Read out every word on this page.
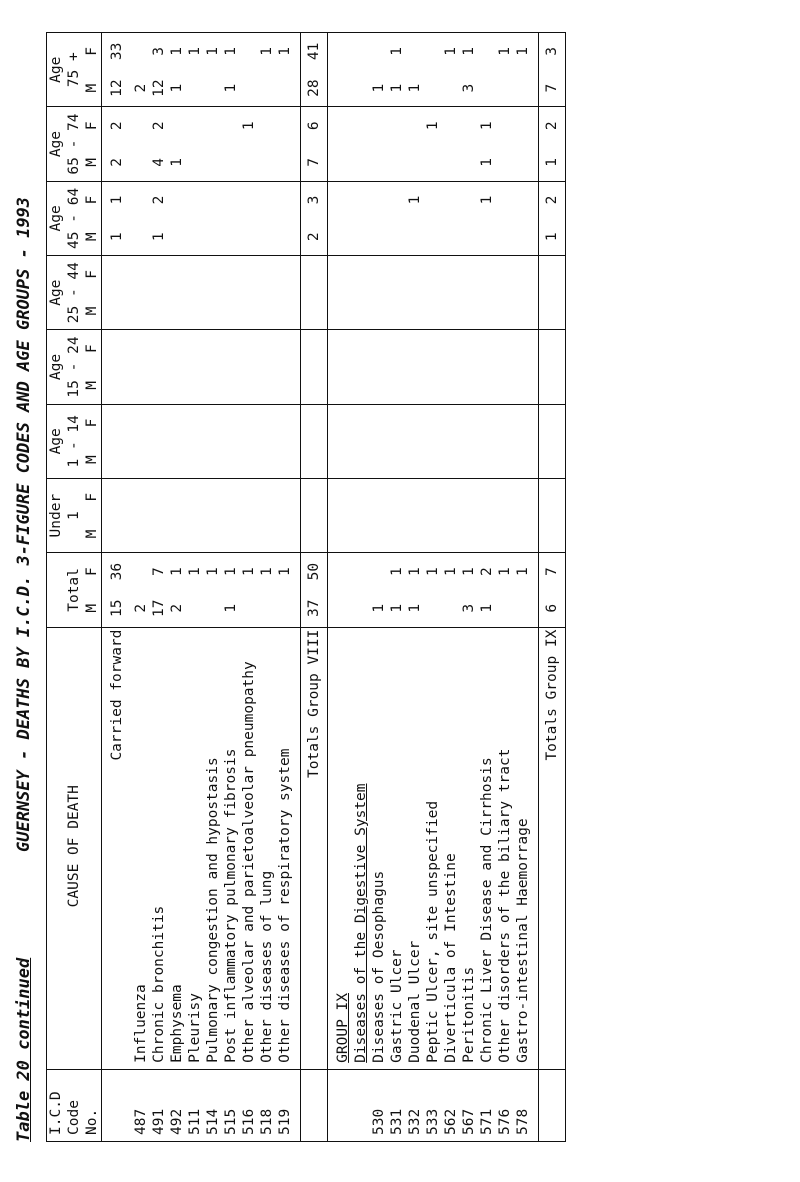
Table 20 continued
GUERNSEY - DEATHS BY I.C.D. 3-FIGURE CODES AND AGE GROUPS - 1993
I.C.D				Under		Age		Age		Age		Age		Age		Age	
Code	CAUSE OF DEATH	Total		1		1 - 14		15 - 24		25 - 44		45 - 64		65 - 74		75 +	
No.		M	F	M	F	M	F	M	F	M	F	M	F	M	F	M	F

	Carried forward	15	36									1	1	2	2	12	33

487	Influenza	2														2	
491	Chronic bronchitis	17	7									1	2	4	2	12	3
492	Emphysema	2	1											1		1	1
511	Pleurisy		1														1
514	Pulmonary congestion and hypostasis		1														1
515	Post inflammatory pulmonary fibrosis	1	1													1	1
516	Other alveolar and parietoalveolar pneumopathy		1												1		
518	Other diseases of lung		1														1
519	Other diseases of respiratory system		1														1

	Totals Group VIII	37	50									2	3	7	6	28	41

	GROUP IX																
	Diseases of the Digestive System																
530	Diseases of Oesophagus	1														1	
531	Gastric Ulcer	1	1													1	1
532	Duodenal Ulcer	1	1										1			1	
533	Peptic Ulcer, site unspecified		1												1		
562	Diverticula of Intestine		1														1
567	Peritonitis	3	1													3	1
571	Chronic Liver Disease and Cirrhosis	1	2										1	1	1		
576	Other disorders of the biliary tract		1														1
578	Gastro-intestinal Haemorrage		1														1

	Totals Group IX	6	7									1	2	1	2	7	3
